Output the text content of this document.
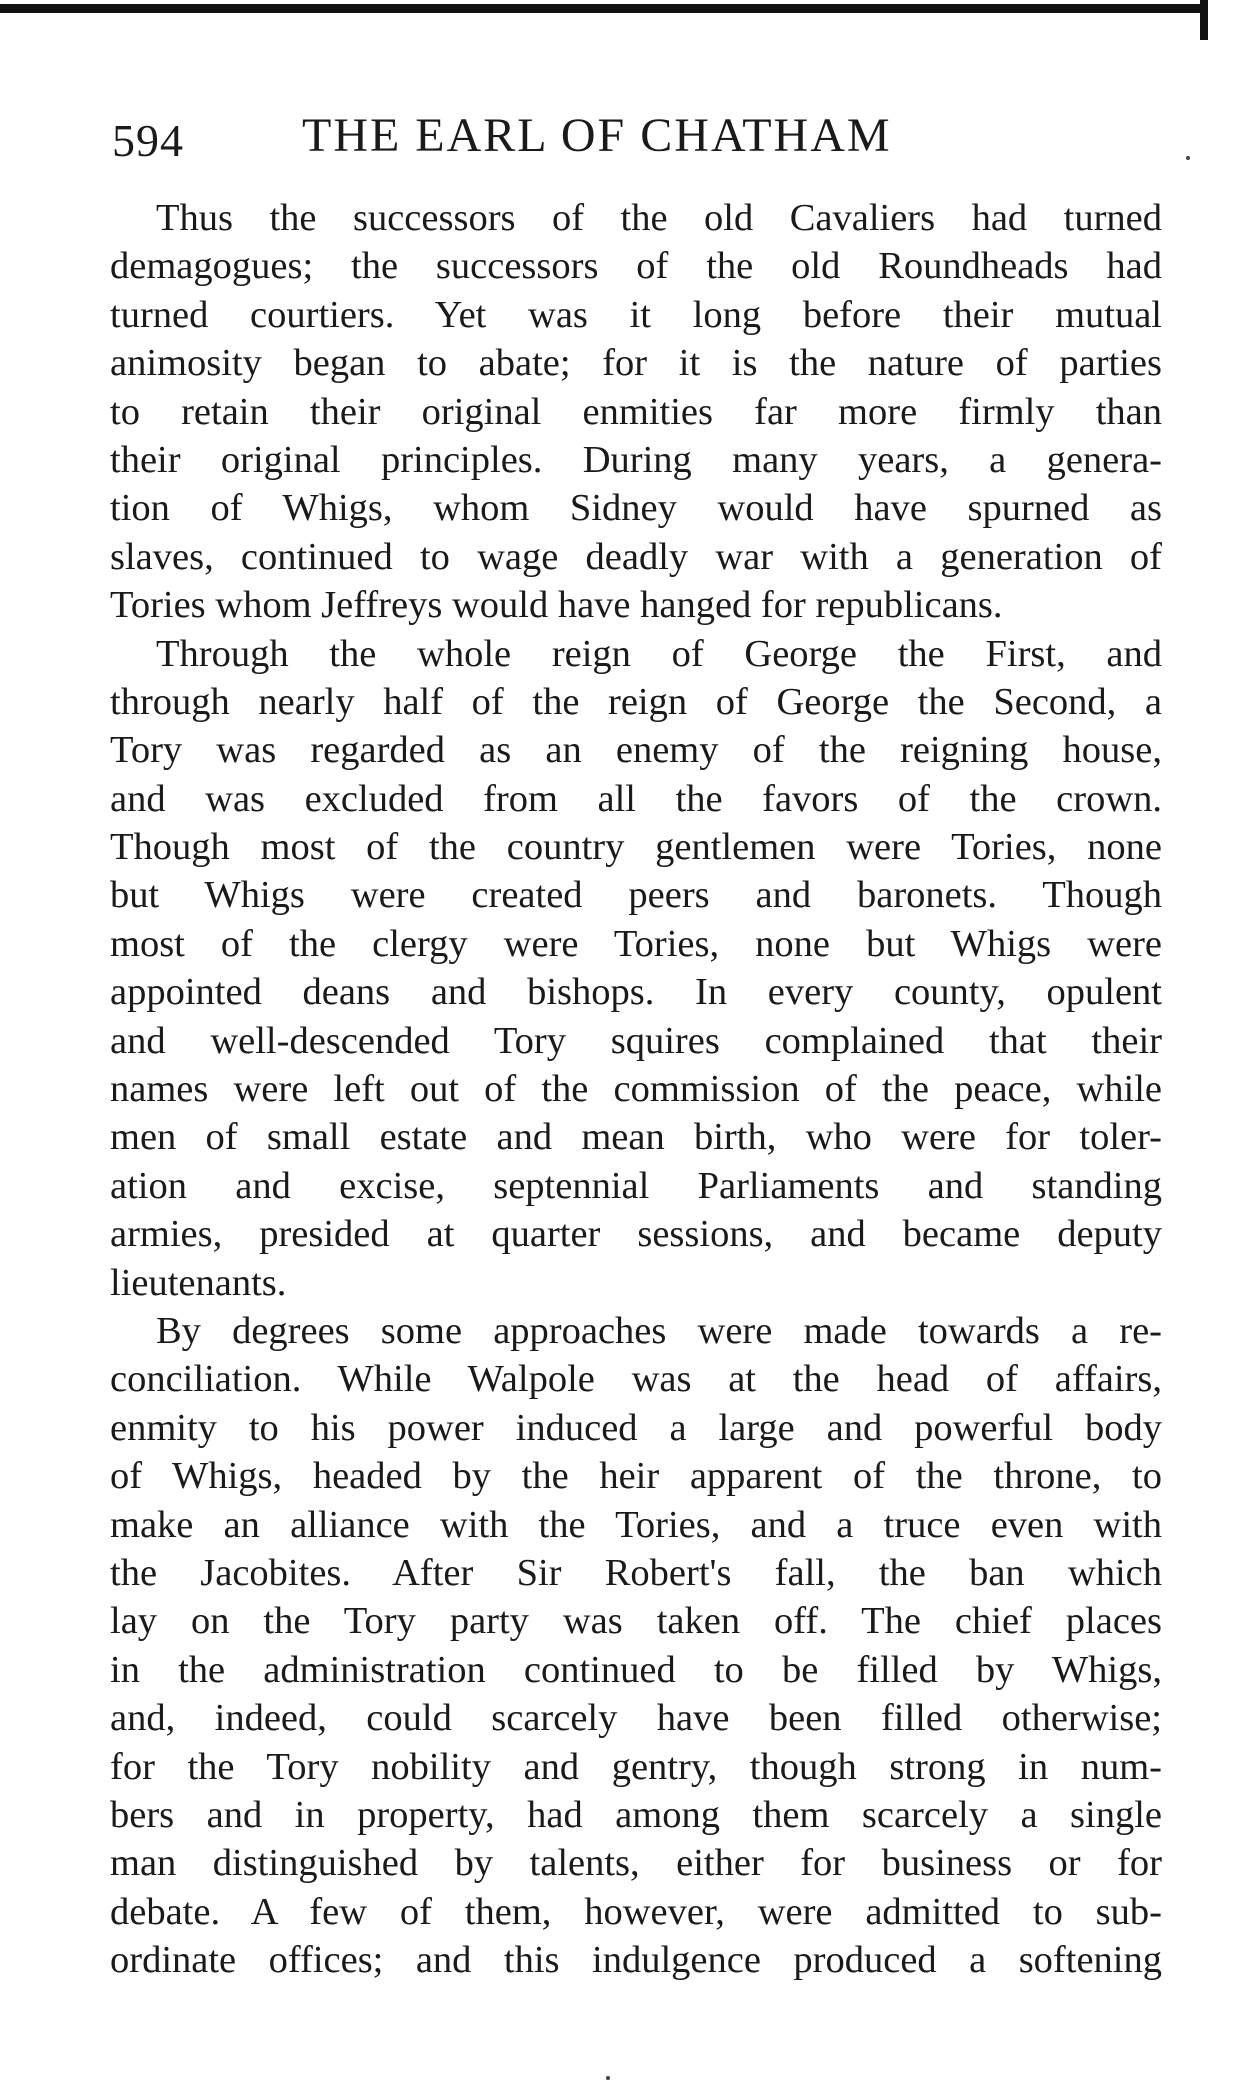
594 THE EARL OF CHATHAM
Thus the successors of the old Cavaliers had turned
demagogues; the successors of the old Roundheads had
turned courtiers. Yet was it long before their mutual
animosity began to abate; for it is the nature of parties
to retain their original enmities far more firmly than
their original principles. During many years, a genera-
tion of Whigs, whom Sidney would have spurned as
slaves, continued to wage deadly war with a generation of
Tories whom Jeffreys would have hanged for republicans.
Through the whole reign of George the First, and
through nearly half of the reign of George the Second, a
Tory was regarded as an enemy of the reigning house,
and was excluded from all the favors of the crown.
Though most of the country gentlemen were Tories, none
but Whigs were created peers and baronets. Though
most of the clergy were Tories, none but Whigs were
appointed deans and bishops. In every county, opulent
and well-descended Tory squires complained that their
names were left out of the commission of the peace, while
men of small estate and mean birth, who were for toler-
ation and excise, septennial Parliaments and standing
armies, presided at quarter sessions, and became deputy
lieutenants.
By degrees some approaches were made towards a re-
conciliation. While Walpole was at the head of affairs,
enmity to his power induced a large and powerful body
of Whigs, headed by the heir apparent of the throne, to
make an alliance with the Tories, and a truce even with
the Jacobites. After Sir Robert's fall, the ban which
lay on the Tory party was taken off. The chief places
in the administration continued to be filled by Whigs,
and, indeed, could scarcely have been filled otherwise;
for the Tory nobility and gentry, though strong in num-
bers and in property, had among them scarcely a single
man distinguished by talents, either for business or for
debate. A few of them, however, were admitted to sub-
ordinate offices; and this indulgence produced a softening
